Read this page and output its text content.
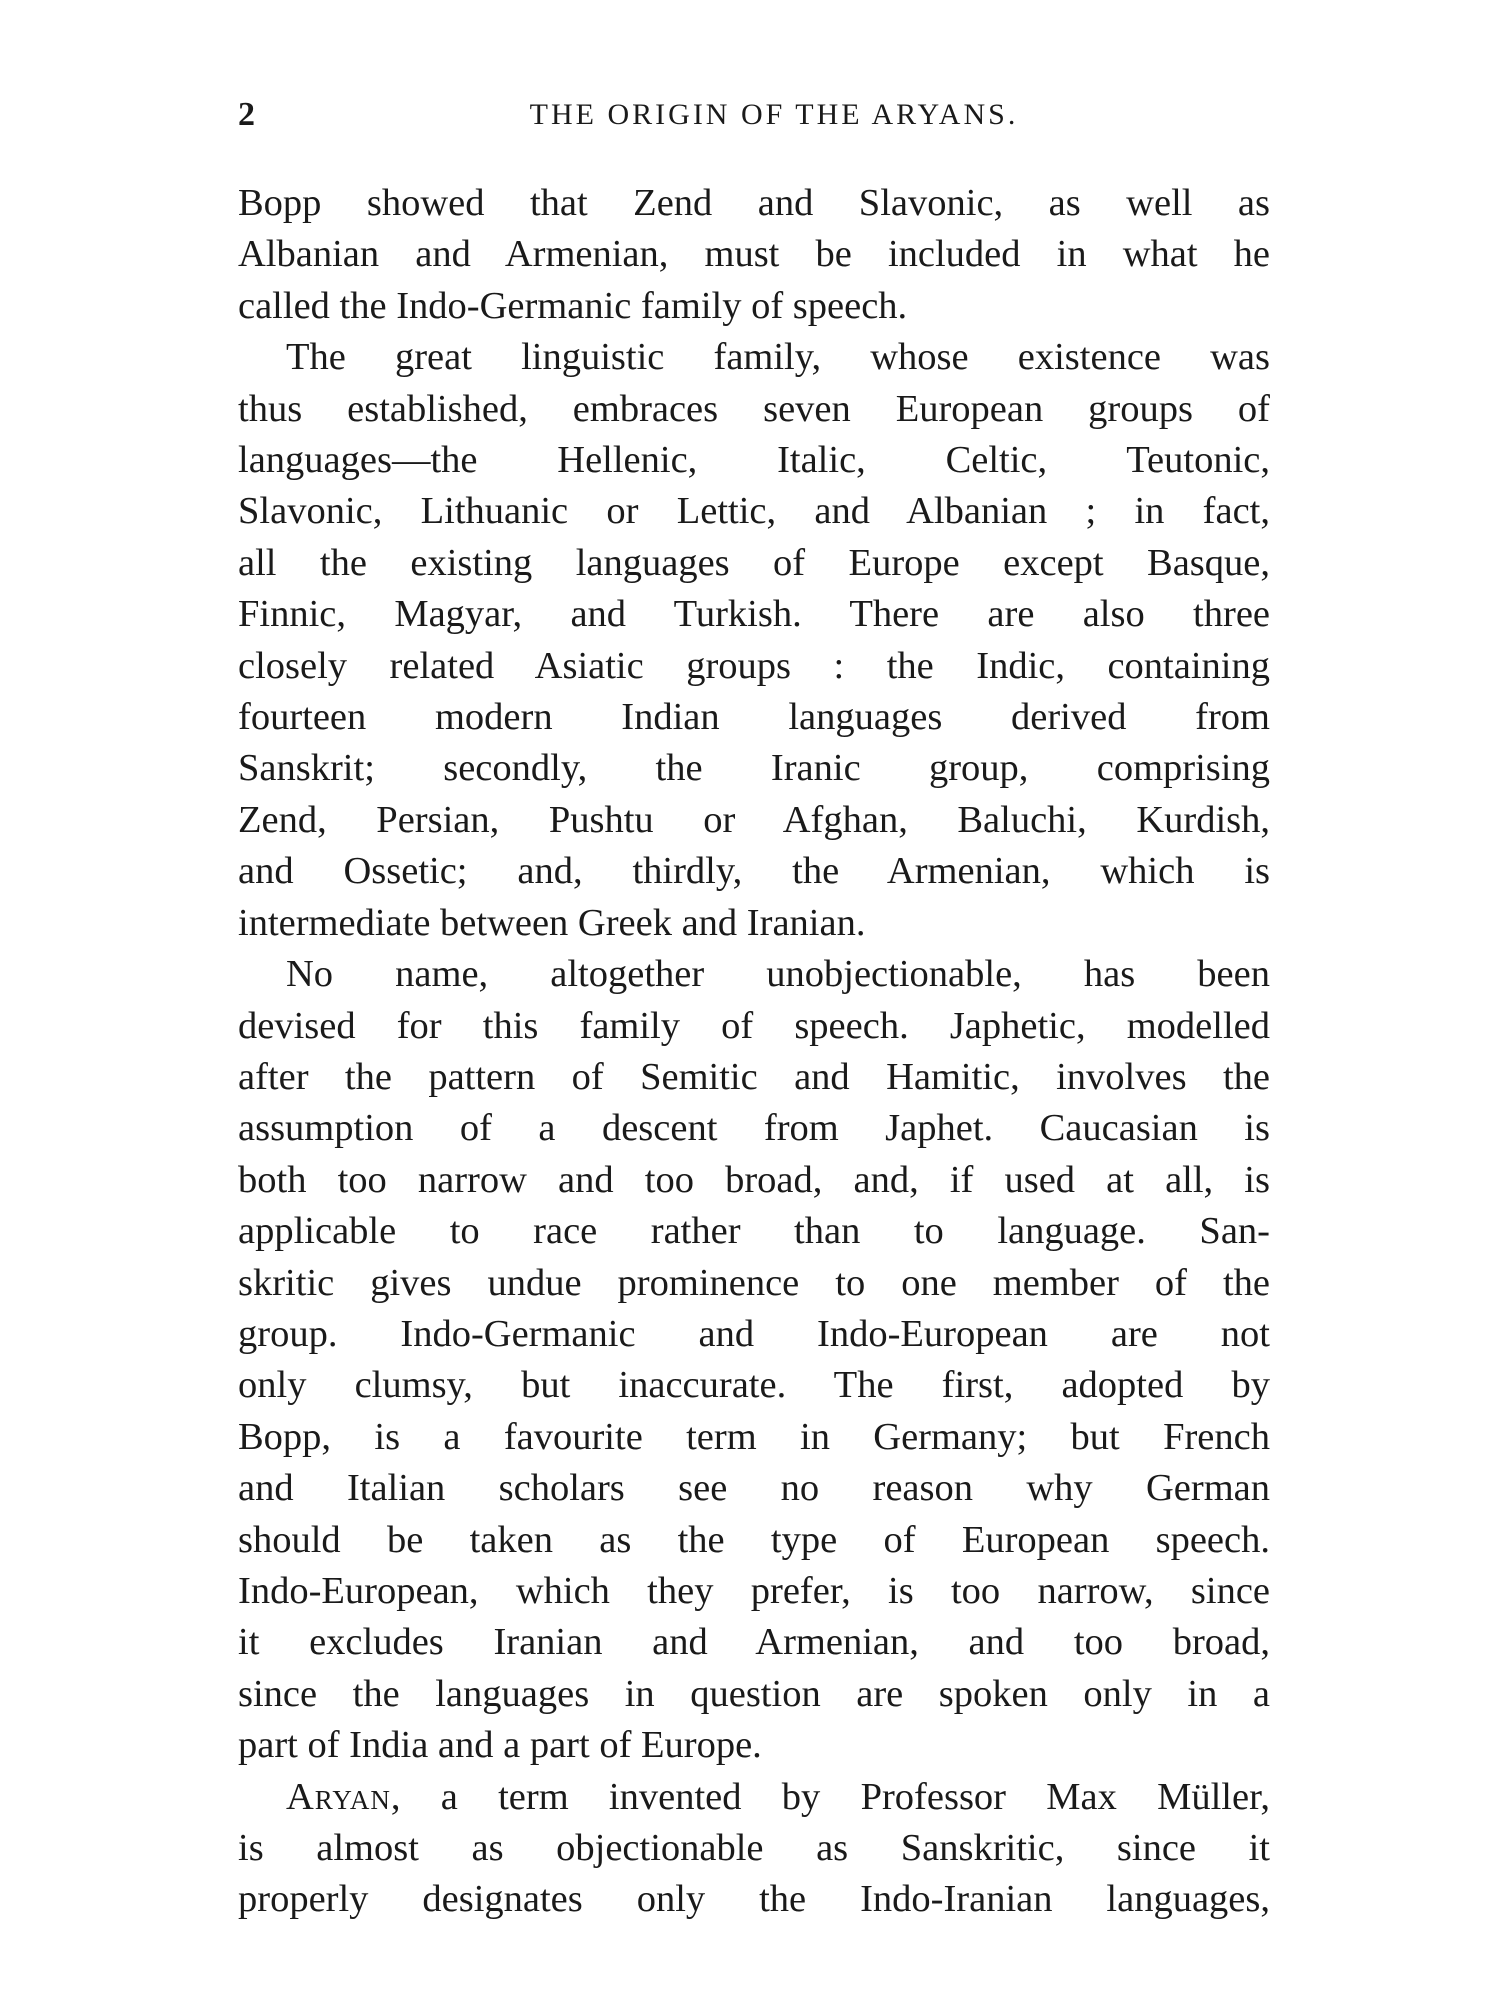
2	THE ORIGIN OF THE ARYANS.

Bopp showed that Zend and Slavonic, as well as
Albanian and Armenian, must be included in what he
called the Indo-Germanic family of speech.

The great linguistic family, whose existence was
thus established, embraces seven European groups of
languages—the Hellenic, Italic, Celtic, Teutonic,
Slavonic, Lithuanic or Lettic, and Albanian ; in fact,
all the existing languages of Europe except Basque,
Finnic, Magyar, and Turkish. There are also three
closely related Asiatic groups : the Indic, containing
fourteen modern Indian languages derived from
Sanskrit; secondly, the Iranic group, comprising
Zend, Persian, Pushtu or Afghan, Baluchi, Kurdish,
and Ossetic; and, thirdly, the Armenian, which is
intermediate between Greek and Iranian.

No name, altogether unobjectionable, has been
devised for this family of speech. Japhetic, modelled
after the pattern of Semitic and Hamitic, involves the
assumption of a descent from Japhet. Caucasian is
both too narrow and too broad, and, if used at all, is
applicable to race rather than to language. San-
skritic gives undue prominence to one member of the
group. Indo-Germanic and Indo-European are not
only clumsy, but inaccurate. The first, adopted by
Bopp, is a favourite term in Germany; but French
and Italian scholars see no reason why German
should be taken as the type of European speech.
Indo-European, which they prefer, is too narrow, since
it excludes Iranian and Armenian, and too broad,
since the languages in question are spoken only in a
part of India and a part of Europe.

Aryan, a term invented by Professor Max Müller,
is almost as objectionable as Sanskritic, since it
properly designates only the Indo-Iranian languages,
